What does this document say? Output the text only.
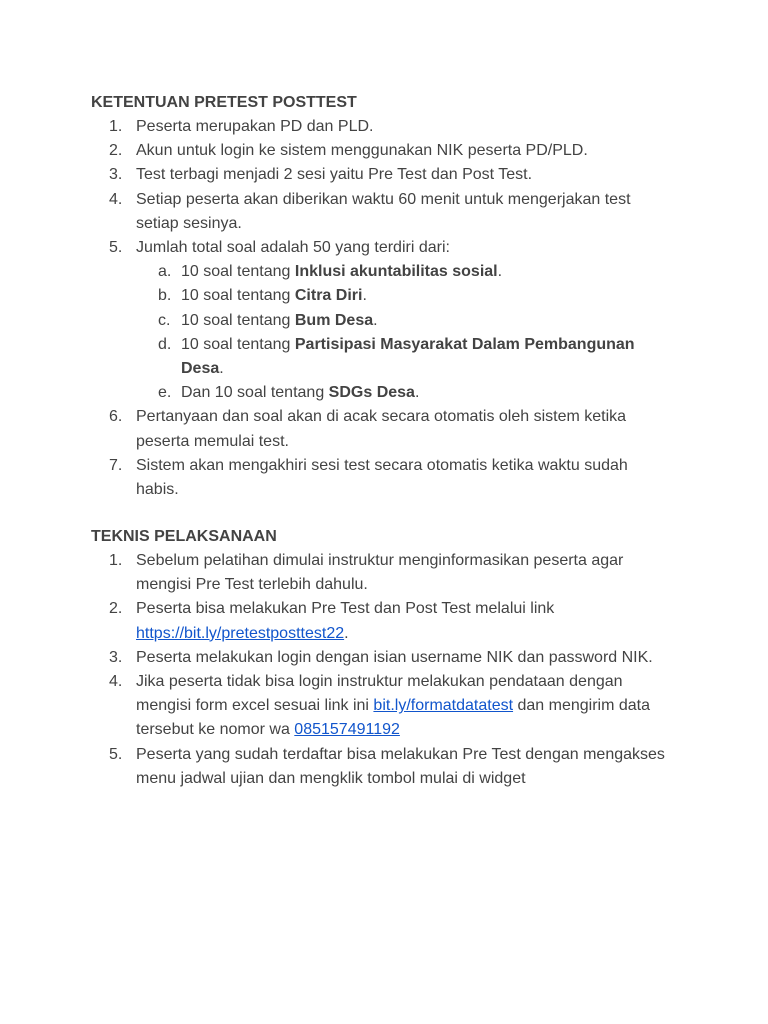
KETENTUAN PRETEST POSTTEST
1. Peserta merupakan PD dan PLD.
2. Akun untuk login ke sistem menggunakan NIK peserta PD/PLD.
3. Test terbagi menjadi 2 sesi yaitu Pre Test dan Post Test.
4. Setiap peserta akan diberikan waktu 60 menit untuk mengerjakan test setiap sesinya.
5. Jumlah total soal adalah 50 yang terdiri dari:
a. 10 soal tentang Inklusi akuntabilitas sosial.
b. 10 soal tentang Citra Diri.
c. 10 soal tentang Bum Desa.
d. 10 soal tentang Partisipasi Masyarakat Dalam Pembangunan Desa.
e. Dan 10 soal tentang SDGs Desa.
6. Pertanyaan dan soal akan di acak secara otomatis oleh sistem ketika peserta memulai test.
7. Sistem akan mengakhiri sesi test secara otomatis ketika waktu sudah habis.
TEKNIS PELAKSANAAN
1. Sebelum pelatihan dimulai instruktur menginformasikan peserta agar mengisi Pre Test terlebih dahulu.
2. Peserta bisa melakukan Pre Test dan Post Test melalui link https://bit.ly/pretestposttest22.
3. Peserta melakukan login dengan isian username NIK dan password NIK.
4. Jika peserta tidak bisa login instruktur melakukan pendataan dengan mengisi form excel sesuai link ini bit.ly/formatdatatest dan mengirim data tersebut ke nomor wa 085157491192
5. Peserta yang sudah terdaftar bisa melakukan Pre Test dengan mengakses menu jadwal ujian dan mengklik tombol mulai di widget
